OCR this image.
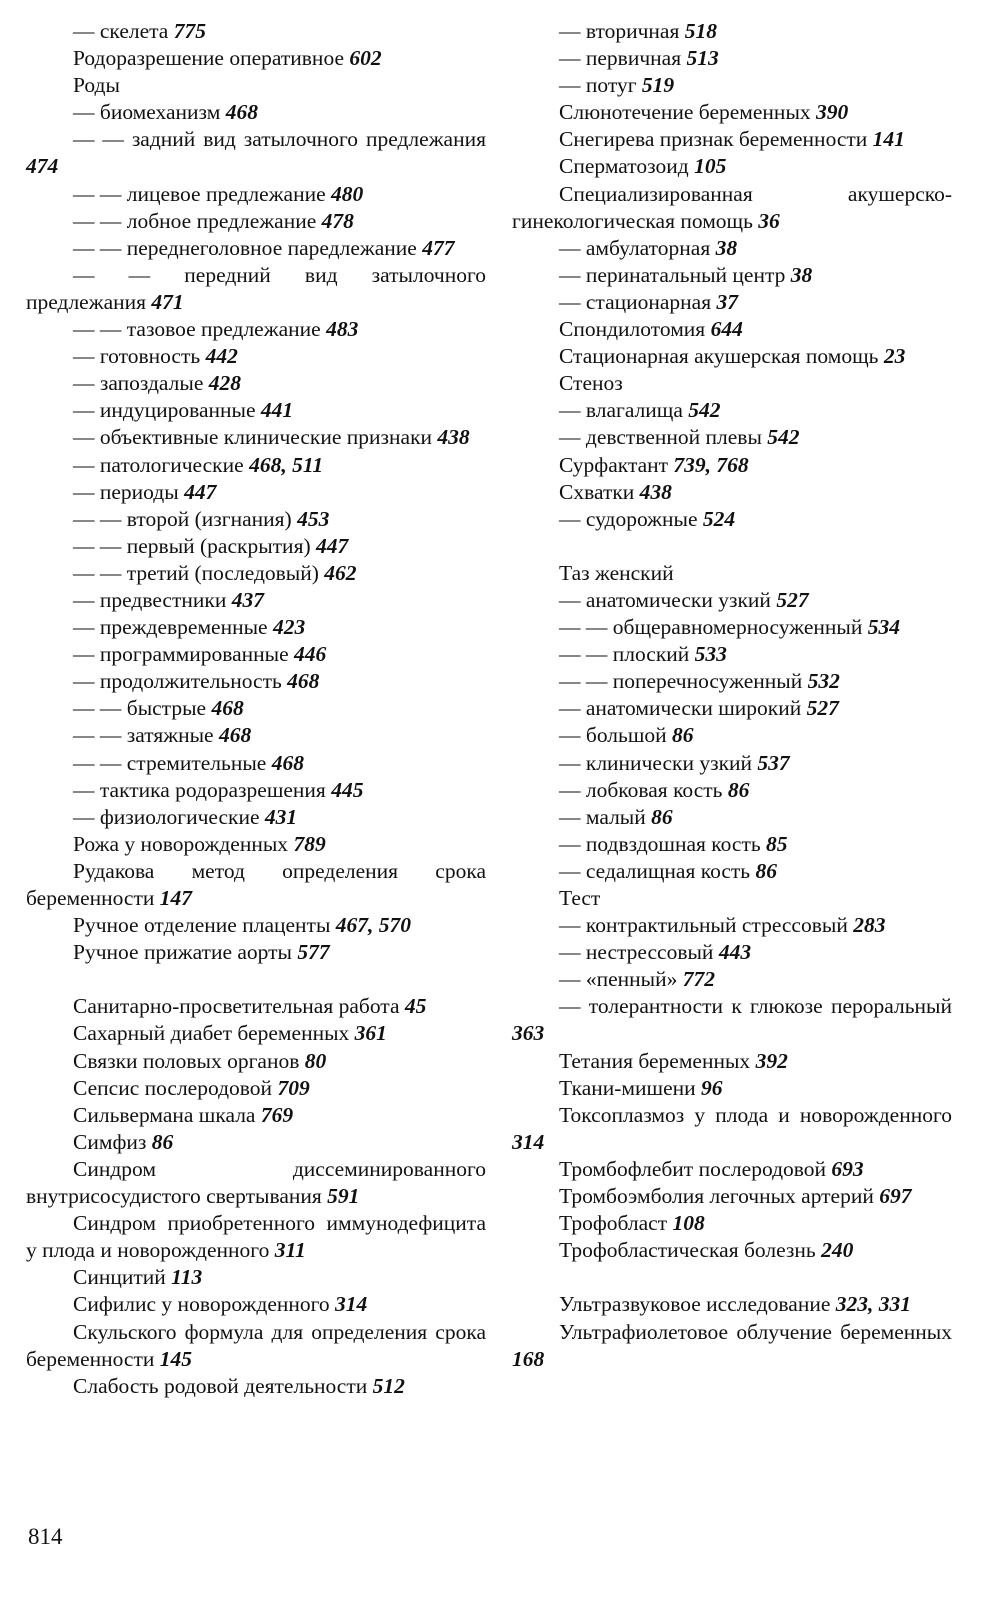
— скелета 775

Родоразрешение оперативное 602

Роды

— биомеханизм 468

— — задний вид затылочного предлежания 474

— — лицевое предлежание 480

— — лобное предлежание 478

— — переднеголовное паредлежание 477

— — передний вид затылочного предлежания 471

— — тазовое предлежание 483

— готовность 442

— запоздалые 428

— индуцированные 441

— объективные клинические признаки 438

— патологические 468, 511

— периоды 447

— — второй (изгнания) 453

— — первый (раскрытия) 447

— — третий (последовый) 462

— предвестники 437

— преждевременные 423

— программированные 446

— продолжительность 468

— — быстрые 468

— — затяжные 468

— — стремительные 468

— тактика родоразрешения 445

— физиологические 431

Рожа у новорожденных 789

Рудакова метод определения срока беременности 147

Ручное отделение плаценты 467, 570

Ручное прижатие аорты 577

Санитарно-просветительная работа 45

Сахарный диабет беременных 361

Связки половых органов 80

Сепсис послеродовой 709

Сильвермана шкала 769

Симфиз 86

Синдром диссеминированного внутрисосудистого свертывания 591

Синдром приобретенного иммунодефицита у плода и новорожденного 311

Синцитий 113

Сифилис у новорожденного 314

Скульского формула для определения срока беременности 145

Слабость родовой деятельности 512

— вторичная 518

— первичная 513

— потуг 519

Слюнотечение беременных 390

Снегирева признак беременности 141

Сперматозоид 105

Специализированная акушерско-гинекологическая помощь 36

— амбулаторная 38

— перинатальный центр 38

— стационарная 37

Спондилотомия 644

Стационарная акушерская помощь 23

Стеноз

— влагалища 542

— девственной плевы 542

Сурфактант 739, 768

Схватки 438

— судорожные 524

Таз женский

— анатомически узкий 527

— — общеравномерносуженный 534

— — плоский 533

— — поперечносуженный 532

— анатомически широкий 527

— большой 86

— клинически узкий 537

— лобковая кость 86

— малый 86

— подвздошная кость 85

— седалищная кость 86

Тест

— контрактильный стрессовый 283

— нестрессовый 443

— «пенный» 772

— толерантности к глюкозе пероральный 363

Тетания беременных 392

Ткани-мишени 96

Токсоплазмоз у плода и новорожденного 314

Тромбофлебит послеродовой 693

Тромбоэмболия легочных артерий 697

Трофобласт 108

Трофобластическая болезнь 240

Ультразвуковое исследование 323, 331

Ультрафиолетовое облучение беременных 168

814
